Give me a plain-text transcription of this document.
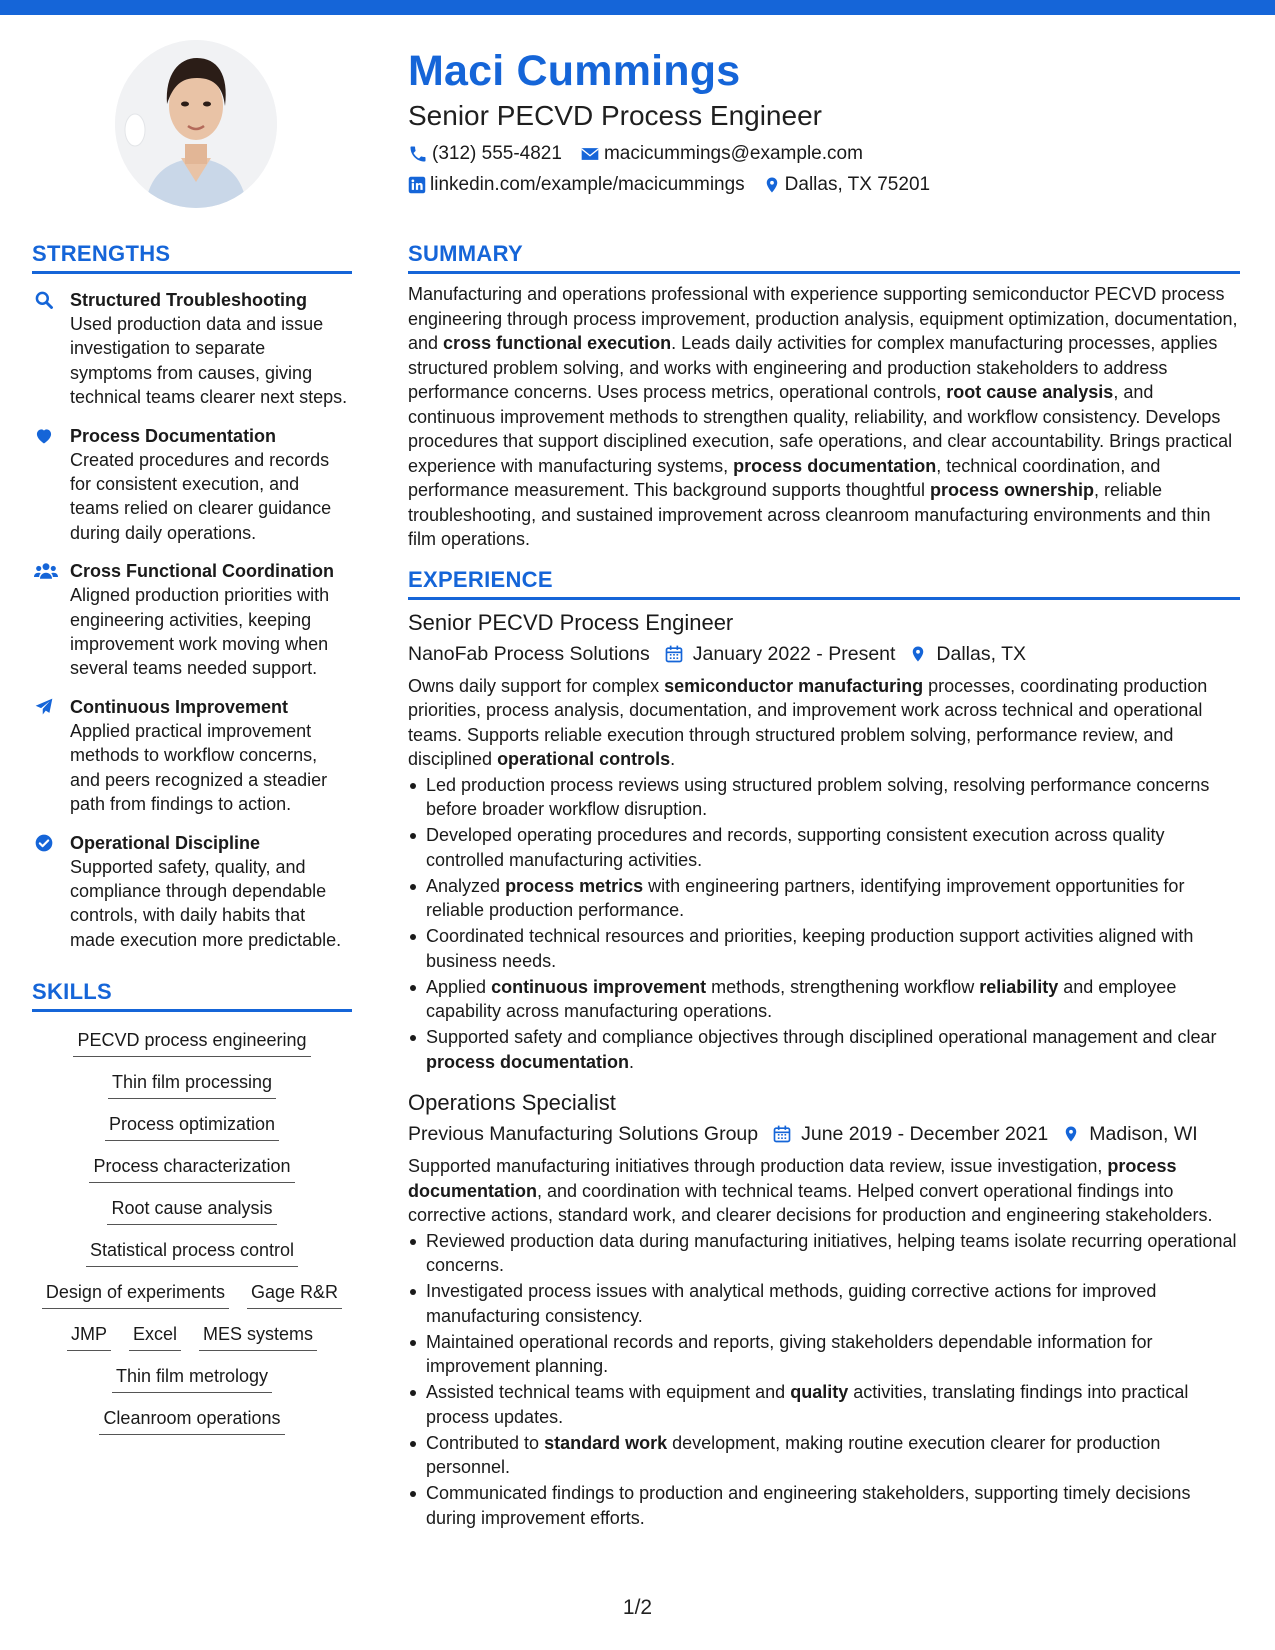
Maci Cummings
Senior PECVD Process Engineer
(312) 555-4821 macicummings@example.com
linkedin.com/example/macicummings Dallas, TX 75201
STRENGTHS
Structured Troubleshooting
Used production data and issue investigation to separate symptoms from causes, giving technical teams clearer next steps.
Process Documentation
Created procedures and records for consistent execution, and teams relied on clearer guidance during daily operations.
Cross Functional Coordination
Aligned production priorities with engineering activities, keeping improvement work moving when several teams needed support.
Continuous Improvement
Applied practical improvement methods to workflow concerns, and peers recognized a steadier path from findings to action.
Operational Discipline
Supported safety, quality, and compliance through dependable controls, with daily habits that made execution more predictable.
SKILLS
PECVD process engineering
Thin film processing
Process optimization
Process characterization
Root cause analysis
Statistical process control
Design of experiments Gage R&R
JMP Excel MES systems
Thin film metrology
Cleanroom operations
SUMMARY
Manufacturing and operations professional with experience supporting semiconductor PECVD process engineering through process improvement, production analysis, equipment optimization, documentation, and cross functional execution. Leads daily activities for complex manufacturing processes, applies structured problem solving, and works with engineering and production stakeholders to address performance concerns. Uses process metrics, operational controls, root cause analysis, and continuous improvement methods to strengthen quality, reliability, and workflow consistency. Develops procedures that support disciplined execution, safe operations, and clear accountability. Brings practical experience with manufacturing systems, process documentation, technical coordination, and performance measurement. This background supports thoughtful process ownership, reliable troubleshooting, and sustained improvement across cleanroom manufacturing environments and thin film operations.
EXPERIENCE
Senior PECVD Process Engineer
NanoFab Process Solutions January 2022 - Present Dallas, TX
Owns daily support for complex semiconductor manufacturing processes, coordinating production priorities, process analysis, documentation, and improvement work across technical and operational teams. Supports reliable execution through structured problem solving, performance review, and disciplined operational controls.
Led production process reviews using structured problem solving, resolving performance concerns before broader workflow disruption.
Developed operating procedures and records, supporting consistent execution across quality controlled manufacturing activities.
Analyzed process metrics with engineering partners, identifying improvement opportunities for reliable production performance.
Coordinated technical resources and priorities, keeping production support activities aligned with business needs.
Applied continuous improvement methods, strengthening workflow reliability and employee capability across manufacturing operations.
Supported safety and compliance objectives through disciplined operational management and clear process documentation.
Operations Specialist
Previous Manufacturing Solutions Group June 2019 - December 2021 Madison, WI
Supported manufacturing initiatives through production data review, issue investigation, process documentation, and coordination with technical teams. Helped convert operational findings into corrective actions, standard work, and clearer decisions for production and engineering stakeholders.
Reviewed production data during manufacturing initiatives, helping teams isolate recurring operational concerns.
Investigated process issues with analytical methods, guiding corrective actions for improved manufacturing consistency.
Maintained operational records and reports, giving stakeholders dependable information for improvement planning.
Assisted technical teams with equipment and quality activities, translating findings into practical process updates.
Contributed to standard work development, making routine execution clearer for production personnel.
Communicated findings to production and engineering stakeholders, supporting timely decisions during improvement efforts.
1/2
